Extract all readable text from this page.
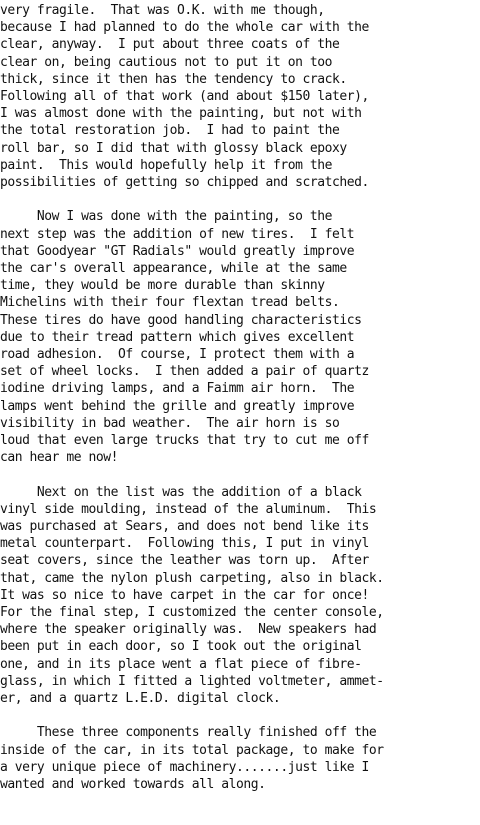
very fragile.  That was O.K. with me though,
because I had planned to do the whole car with the
clear, anyway.  I put about three coats of the
clear on, being cautious not to put it on too
thick, since it then has the tendency to crack.
Following all of that work (and about $150 later),
I was almost done with the painting, but not with
the total restoration job.  I had to paint the
roll bar, so I did that with glossy black epoxy
paint.  This would hopefully help it from the
possibilities of getting so chipped and scratched.
Now I was done with the painting, so the
next step was the addition of new tires.  I felt
that Goodyear "GT Radials" would greatly improve
the car's overall appearance, while at the same
time, they would be more durable than skinny
Michelins with their four flextan tread belts.
These tires do have good handling characteristics
due to their tread pattern which gives excellent
road adhesion.  Of course, I protect them with a
set of wheel locks.  I then added a pair of quartz
iodine driving lamps, and a Faimm air horn.  The
lamps went behind the grille and greatly improve
visibility in bad weather.  The air horn is so
loud that even large trucks that try to cut me off
can hear me now!
Next on the list was the addition of a black
vinyl side moulding, instead of the aluminum.  This
was purchased at Sears, and does not bend like its
metal counterpart.  Following this, I put in vinyl
seat covers, since the leather was torn up.  After
that, came the nylon plush carpeting, also in black.
It was so nice to have carpet in the car for once!
For the final step, I customized the center console,
where the speaker originally was.  New speakers had
been put in each door, so I took out the original
one, and in its place went a flat piece of fibre-
glass, in which I fitted a lighted voltmeter, ammet-
er, and a quartz L.E.D. digital clock.
These three components really finished off the
inside of the car, in its total package, to make for
a very unique piece of machinery.......just like I
wanted and worked towards all along.
